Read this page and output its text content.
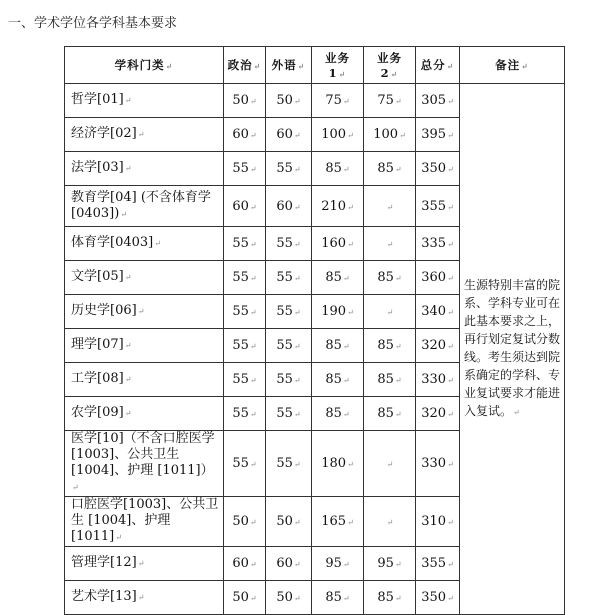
一、学术学位各学科基本要求
学科门类↵	政治↵	外语↵	业务 1↵	业务 2↵	总分↵	备注↵
哲学[01]↵	50↵	50↵	75↵	75↵	305↵	生源特别丰富的院系、学科专业可在此基本要求之上，再行划定复试分数线。考生须达到院系确定的学科、专业复试要求才能进入复试。↵
经济学[02]↵	60↵	60↵	100↵	100↵	395↵	
法学[03]↵	55↵	55↵	85↵	85↵	350↵	
教育学[04] (不含体育学[0403])↵	60↵	60↵	210↵	↵	355↵	
体育学[0403]↵	55↵	55↵	160↵	↵	335↵	
文学[05]↵	55↵	55↵	85↵	85↵	360↵	
历史学[06]↵	55↵	55↵	190↵	↵	340↵	
理学[07]↵	55↵	55↵	85↵	85↵	320↵	
工学[08]↵	55↵	55↵	85↵	85↵	330↵	
农学[09]↵	55↵	55↵	85↵	85↵	320↵	
医学[10]（不含口腔医学[1003]、公共卫生[1004]、护理 [1011]）↵	55↵	55↵	180↵	↵	330↵	
口腔医学[1003]、公共卫生 [1004]、护理 [1011]↵	50↵	50↵	165↵	↵	310↵	
管理学[12]↵	60↵	60↵	95↵	95↵	355↵	
艺术学[13]↵	50↵	50↵	85↵	85↵	350↵	
